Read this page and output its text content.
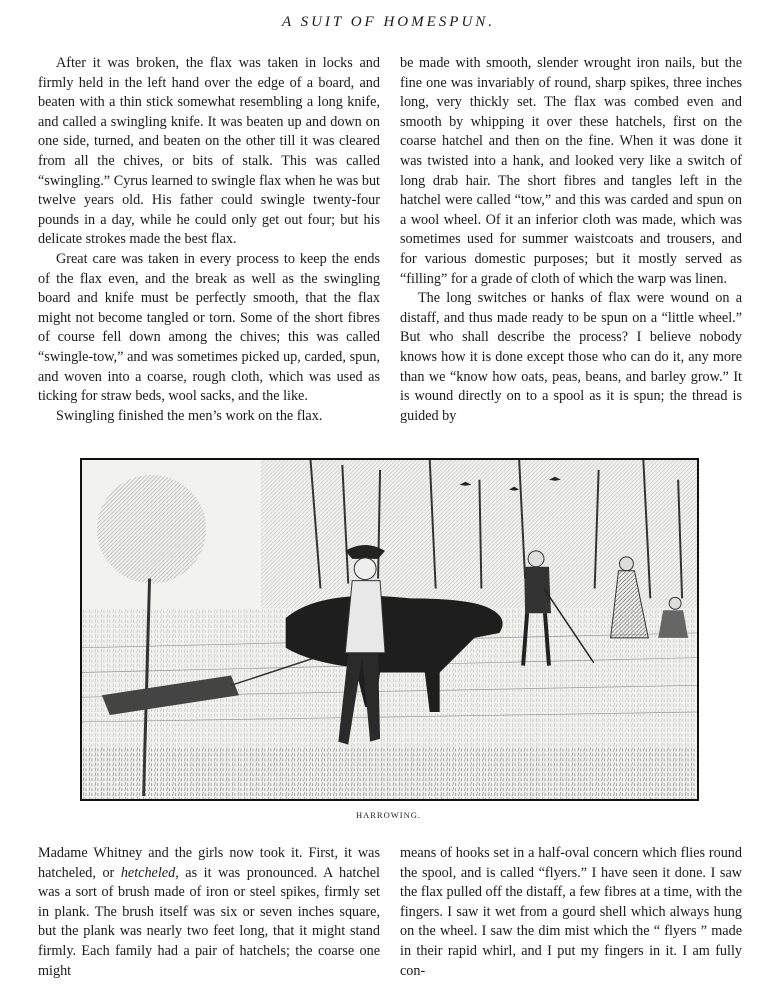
A SUIT OF HOMESPUN.

After it was broken, the flax was taken in locks and firmly held in the left hand over the edge of a board, and beaten with a thin stick somewhat resembling a long knife, and called a swingling knife. It was beaten up and down on one side, turned, and beaten on the other till it was cleared from all the chives, or bits of stalk. This was called “swingling.” Cyrus learned to swingle flax when he was but twelve years old. His father could swingle twenty-four pounds in a day, while he could only get out four; but his delicate strokes made the best flax.

Great care was taken in every process to keep the ends of the flax even, and the break as well as the swingling board and knife must be perfectly smooth, that the flax might not become tangled or torn. Some of the short fibres of course fell down among the chives; this was called “swingle-tow,” and was sometimes picked up, carded, spun, and woven into a coarse, rough cloth, which was used as ticking for straw beds, wool sacks, and the like.

Swingling finished the men’s work on the flax.

be made with smooth, slender wrought iron nails, but the fine one was invariably of round, sharp spikes, three inches long, very thickly set. The flax was combed even and smooth by whipping it over these hatchels, first on the coarse hatchel and then on the fine. When it was done it was twisted into a hank, and looked very like a switch of long drab hair. The short fibres and tangles left in the hatchel were called “tow,” and this was carded and spun on a wool wheel. Of it an inferior cloth was made, which was sometimes used for summer waistcoats and trousers, and for various domestic purposes; but it mostly served as “filling” for a grade of cloth of which the warp was linen.

The long switches or hanks of flax were wound on a distaff, and thus made ready to be spun on a “little wheel.” But who shall describe the process? I believe nobody knows how it is done except those who can do it, any more than we “know how oats, peas, beans, and barley grow.” It is wound directly on to a spool as it is spun; the thread is guided by

HARROWING.

Madame Whitney and the girls now took it. First, it was hatcheled, or hetcheled, as it was pronounced. A hatchel was a sort of brush made of iron or steel spikes, firmly set in plank. The brush itself was six or seven inches square, but the plank was nearly two feet long, that it might stand firmly. Each family had a pair of hatchels; the coarse one might

means of hooks set in a half-oval concern which flies round the spool, and is called “flyers.” I have seen it done. I saw the flax pulled off the distaff, a few fibres at a time, with the fingers. I saw it wet from a gourd shell which always hung on the wheel. I saw the dim mist which the “ flyers ” made in their rapid whirl, and I put my fingers in it. I am fully con-
